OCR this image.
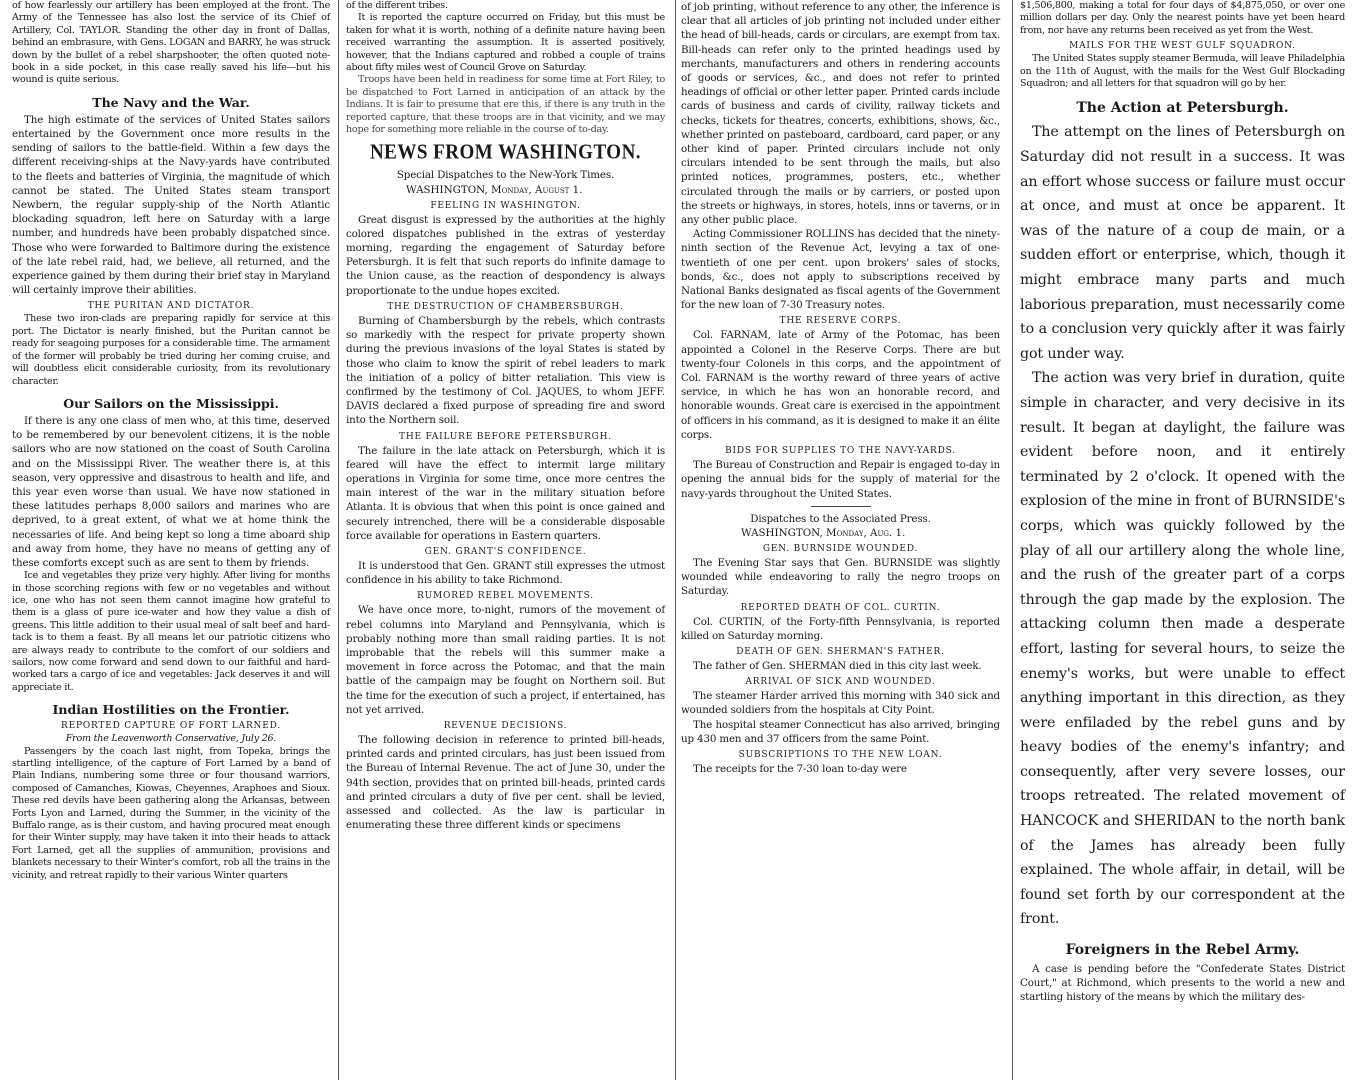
of how fearlessly our artillery has been employed at the front. The Army of the Tennessee has also lost the service of its Chief of Artillery, Col. TAYLOR. Standing the other day in front of Dallas, behind an embrasure, with Gens. LOGAN and BARRY, he was struck down by the bullet of a rebel sharpshooter, the often quoted note-book in a side pocket, in this case really saved his life—but his wound is quite serious.

The Navy and the War.

The high estimate of the services of United States sailors entertained by the Government once more results in the sending of sailors to the battle-field. Within a few days the different receiving-ships at the Navy-yards have contributed to the fleets and batteries of Virginia, the magnitude of which cannot be stated. The United States steam transport Newbern, the regular supply-ship of the North Atlantic blockading squadron, left here on Saturday with a large number, and hundreds have been probably dispatched since. Those who were forwarded to Baltimore during the existence of the late rebel raid, had, we believe, all returned, and the experience gained by them during their brief stay in Maryland will certainly improve their abilities.

THE PURITAN AND DICTATOR.

These two iron-clads are preparing rapidly for service at this port. The Dictator is nearly finished, but the Puritan cannot be ready for seagoing purposes for a considerable time. The armament of the former will probably be tried during her coming cruise, and will doubtless elicit considerable curiosity, from its revolutionary character.

Our Sailors on the Mississippi.

If there is any one class of men who, at this time, deserved to be remembered by our benevolent citizens, it is the noble sailors who are now stationed on the coast of South Carolina and on the Mississippi River. The weather there is, at this season, very oppressive and disastrous to health and life, and this year even worse than usual. We have now stationed in these latitudes perhaps 8,000 sailors and marines who are deprived, to a great extent, of what we at home think the necessaries of life. And being kept so long a time aboard ship and away from home, they have no means of getting any of these comforts except such as are sent to them by friends.

Ice and vegetables they prize very highly. After living for months in those scorching regions with few or no vegetables and without ice, one who has not seen them cannot imagine how grateful to them is a glass of pure ice-water and how they value a dish of greens. This little addition to their usual meal of salt beef and hard-tack is to them a feast. By all means let our patriotic citizens who are always ready to contribute to the comfort of our soldiers and sailors, now come forward and send down to our faithful and hard-worked tars a cargo of ice and vegetables: Jack deserves it and will appreciate it.

Indian Hostilities on the Frontier.
REPORTED CAPTURE OF FORT LARNED.
From the Leavenworth Conservative, July 26.

Passengers by the coach last night, from Topeka, brings the startling intelligence, of the capture of Fort Larned by a band of Plain Indians, numbering some three or four thousand warriors, composed of Camanches, Kiowas, Cheyennes, Araphoes and Sioux. These red devils have been gathering along the Arkansas, between Forts Lyon and Larned, during the Summer, in the vicinity of the Buffalo range, as is their custom, and having procured meat enough for their Winter supply, may have taken it into their heads to attack Fort Larned, get all the supplies of ammunition, provisions and blankets necessary to their Winter's comfort, rob all the trains in the vicinity, and retreat rapidly to their various Winter quarters

of the different tribes.

It is reported the capture occurred on Friday, but this must be taken for what it is worth, nothing of a definite nature having been received warranting the assumption. It is asserted positively, however, that the Indians captured and robbed a couple of trains about fifty miles west of Council Grove on Saturday.

Troops have been held in readiness for some time at Fort Riley, to be dispatched to Fort Larned in anticipation of an attack by the Indians. It is fair to presume that ere this, if there is any truth in the reported capture, that these troops are in that vicinity, and we may hope for something more reliable in the course of to-day.

NEWS FROM WASHINGTON.
Special Dispatches to the New-York Times.
WASHINGTON, Monday, August 1.
FEELING IN WASHINGTON.

Great disgust is expressed by the authorities at the highly colored dispatches published in the extras of yesterday morning, regarding the engagement of Saturday before Petersburgh. It is felt that such reports do infinite damage to the Union cause, as the reaction of despondency is always proportionate to the undue hopes excited.

THE DESTRUCTION OF CHAMBERSBURGH.

Burning of Chambersburgh by the rebels, which contrasts so markedly with the respect for private property shown during the previous invasions of the loyal States is stated by those who claim to know the spirit of rebel leaders to mark the initiation of a policy of bitter retaliation. This view is confirmed by the testimony of Col. JAQUES, to whom JEFF. DAVIS declared a fixed purpose of spreading fire and sword into the Northern soil.

THE FAILURE BEFORE PETERSBURGH.

The failure in the late attack on Petersburgh, which it is feared will have the effect to intermit large military operations in Virginia for some time, once more centres the main interest of the war in the military situation before Atlanta. It is obvious that when this point is once gained and securely intrenched, there will be a considerable disposable force available for operations in Eastern quarters.

GEN. GRANT'S CONFIDENCE.

It is understood that Gen. GRANT still expresses the utmost confidence in his ability to take Richmond.

RUMORED REBEL MOVEMENTS.

We have once more, to-night, rumors of the movement of rebel columns into Maryland and Pennsylvania, which is probably nothing more than small raiding parties. It is not improbable that the rebels will this summer make a movement in force across the Potomac, and that the main battle of the campaign may be fought on Northern soil. But the time for the execution of such a project, if entertained, has not yet arrived.

REVENUE DECISIONS.

The following decision in reference to printed bill-heads, printed cards and printed circulars, has just been issued from the Bureau of Internal Revenue. The act of June 30, under the 94th section, provides that on printed bill-heads, printed cards and printed circulars a duty of five per cent. shall be levied, assessed and collected. As the law is particular in enumerating these three different kinds or specimens

of job printing, without reference to any other, the inference is clear that all articles of job printing not included under either the head of bill-heads, cards or circulars, are exempt from tax. Bill-heads can refer only to the printed headings used by merchants, manufacturers and others in rendering accounts of goods or services, &c., and does not refer to printed headings of official or other letter paper. Printed cards include cards of business and cards of civility, railway tickets and checks, tickets for theatres, concerts, exhibitions, shows, &c., whether printed on pasteboard, cardboard, card paper, or any other kind of paper. Printed circulars include not only circulars intended to be sent through the mails, but also printed notices, programmes, posters, etc., whether circulated through the mails or by carriers, or posted upon the streets or highways, in stores, hotels, inns or taverns, or in any other public place.

Acting Commissioner ROLLINS has decided that the ninety-ninth section of the Revenue Act, levying a tax of one-twentieth of one per cent. upon brokers' sales of stocks, bonds, &c., does not apply to subscriptions received by National Banks designated as fiscal agents of the Government for the new loan of 7-30 Treasury notes.

THE RESERVE CORPS.

Col. FARNAM, late of Army of the Potomac, has been appointed a Colonel in the Reserve Corps. There are but twenty-four Colonels in this corps, and the appointment of Col. FARNAM is the worthy reward of three years of active service, in which he has won an honorable record, and honorable wounds. Great care is exercised in the appointment of officers in his command, as it is designed to make it an élite corps.

BIDS FOR SUPPLIES TO THE NAVY-YARDS.

The Bureau of Construction and Repair is engaged to-day in opening the annual bids for the supply of material for the navy-yards throughout the United States.

Dispatches to the Associated Press.
WASHINGTON, Monday, Aug. 1.
GEN. BURNSIDE WOUNDED.

The Evening Star says that Gen. BURNSIDE was slightly wounded while endeavoring to rally the negro troops on Saturday.

REPORTED DEATH OF COL. CURTIN.

Col. CURTIN, of the Forty-fifth Pennsylvania, is reported killed on Saturday morning.

DEATH OF GEN. SHERMAN'S FATHER.

The father of Gen. SHERMAN died in this city last week.

ARRIVAL OF SICK AND WOUNDED.

The steamer Harder arrived this morning with 340 sick and wounded soldiers from the hospitals at City Point.

The hospital steamer Connecticut has also arrived, bringing up 430 men and 37 officers from the same Point.

SUBSCRIPTIONS TO THE NEW LOAN.

The receipts for the 7-30 loan to-day were

$1,506,800, making a total for four days of $4,875,050, or over one million dollars per day. Only the nearest points have yet been heard from, nor have any returns been received as yet from the West.

MAILS FOR THE WEST GULF SQUADRON.

The United States supply steamer Bermuda, will leave Philadelphia on the 11th of August, with the mails for the West Gulf Blockading Squadron; and all letters for that squadron will go by her.

The Action at Petersburgh.

The attempt on the lines of Petersburgh on Saturday did not result in a success. It was an effort whose success or failure must occur at once, and must at once be apparent. It was of the nature of a coup de main, or a sudden effort or enterprise, which, though it might embrace many parts and much laborious preparation, must necessarily come to a conclusion very quickly after it was fairly got under way.

The action was very brief in duration, quite simple in character, and very decisive in its result. It began at daylight, the failure was evident before noon, and it entirely terminated by 2 o'clock. It opened with the explosion of the mine in front of BURNSIDE's corps, which was quickly followed by the play of all our artillery along the whole line, and the rush of the greater part of a corps through the gap made by the explosion. The attacking column then made a desperate effort, lasting for several hours, to seize the enemy's works, but were unable to effect anything important in this direction, as they were enfiladed by the rebel guns and by heavy bodies of the enemy's infantry; and consequently, after very severe losses, our troops retreated. The related movement of HANCOCK and SHERIDAN to the north bank of the James has already been fully explained. The whole affair, in detail, will be found set forth by our correspondent at the front.

Foreigners in the Rebel Army.

A case is pending before the "Confederate States District Court," at Richmond, which presents to the world a new and startling history of the means by which the military des-
